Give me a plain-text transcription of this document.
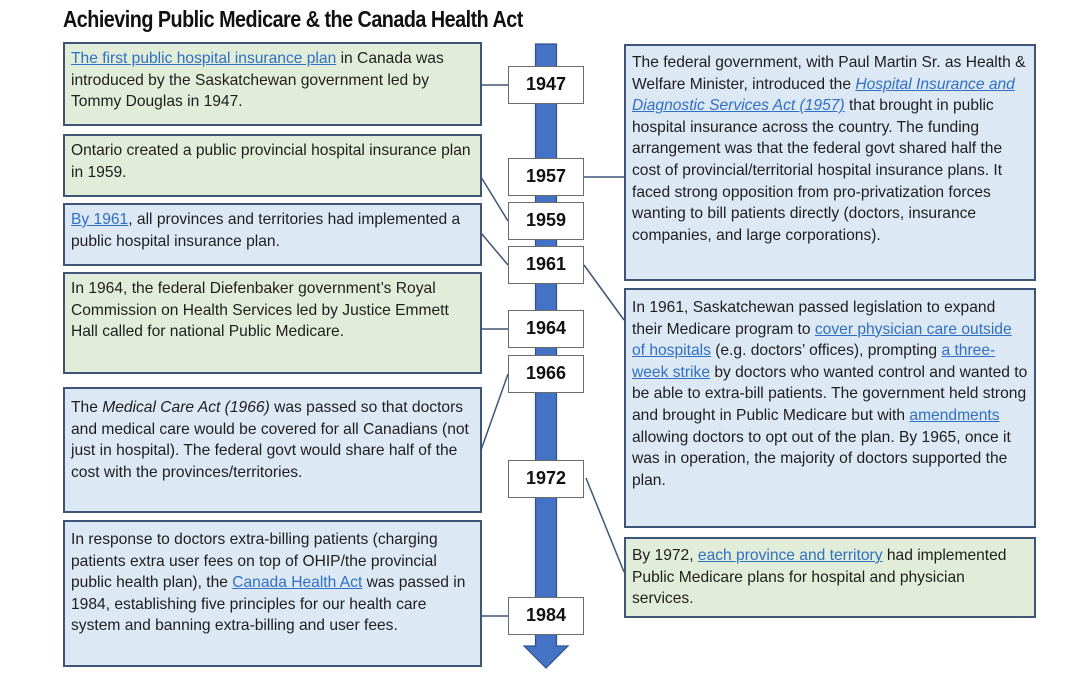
Achieving Public Medicare & the Canada Health Act
1947
1957
1959
1961
1964
1966
1972
1984
The first public hospital insurance plan in Canada was introduced by the Saskatchewan government led by Tommy Douglas in 1947.
Ontario created a public provincial hospital insurance plan in 1959.
By 1961, all provinces and territories had implemented a public hospital insurance plan.
In 1964, the federal Diefenbaker government’s Royal Commission on Health Services led by Justice Emmett Hall called for national Public Medicare.
The Medical Care Act (1966) was passed so that doctors and medical care would be covered for all Canadians (not just in hospital). The federal govt would share half of the cost with the provinces/territories.
In response to doctors extra-billing patients (charging patients extra user fees on top of OHIP/the provincial public health plan), the Canada Health Act was passed in 1984, establishing five principles for our health care system and banning extra-billing and user fees.
The federal government, with Paul Martin Sr. as Health & Welfare Minister, introduced the Hospital Insurance and Diagnostic Services Act (1957) that brought in public hospital insurance across the country. The funding arrangement was that the federal govt shared half the cost of provincial/territorial hospital insurance plans. It faced strong opposition from pro-privatization forces wanting to bill patients directly (doctors, insurance companies, and large corporations).
In 1961, Saskatchewan passed legislation to expand their Medicare program to cover physician care outside of hospitals (e.g. doctors’ offices), prompting a three-week strike by doctors who wanted control and wanted to be able to extra-bill patients. The government held strong and brought in Public Medicare but with amendments allowing doctors to opt out of the plan. By 1965, once it was in operation, the majority of doctors supported the plan.
By 1972, each province and territory had implemented Public Medicare plans for hospital and physician services.
